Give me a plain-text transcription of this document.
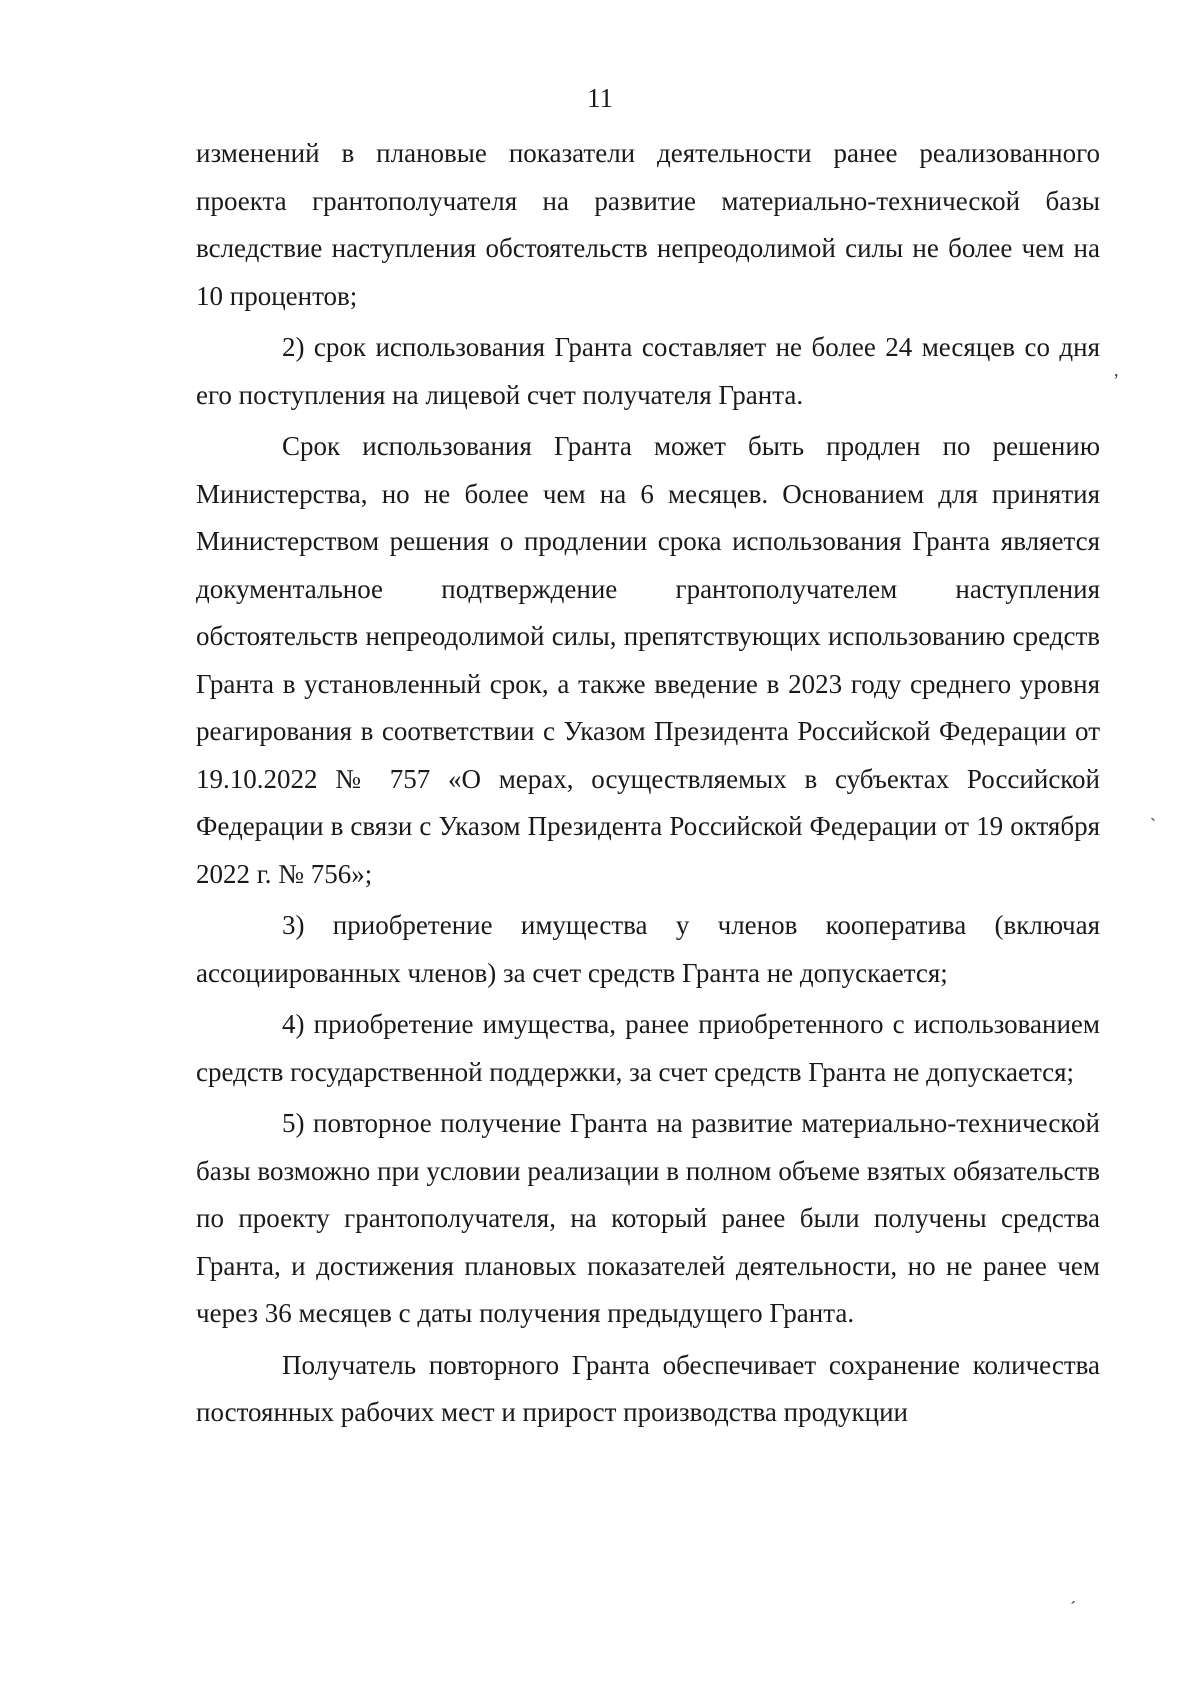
11

изменений в плановые показатели деятельности ранее реализованного проекта грантополучателя на развитие материально-технической базы вследствие наступления обстоятельств непреодолимой силы не более чем на 10 процентов;

2) срок использования Гранта составляет не более 24 месяцев со дня его поступления на лицевой счет получателя Гранта.

Срок использования Гранта может быть продлен по решению Министерства, но не более чем на 6 месяцев. Основанием для принятия Министерством решения о продлении срока использования Гранта является документальное подтверждение грантополучателем наступления обстоятельств непреодолимой силы, препятствующих использованию средств Гранта в установленный срок, а также введение в 2023 году среднего уровня реагирования в соответствии с Указом Президента Российской Федерации от 19.10.2022 № 757 «О мерах, осуществляемых в субъектах Российской Федерации в связи с Указом Президента Российской Федерации от 19 октября 2022 г. № 756»;

3) приобретение имущества у членов кооператива (включая ассоциированных членов) за счет средств Гранта не допускается;

4) приобретение имущества, ранее приобретенного с использованием средств государственной поддержки, за счет средств Гранта не допускается;

5) повторное получение Гранта на развитие материально-технической базы возможно при условии реализации в полном объеме взятых обязательств по проекту грантополучателя, на который ранее были получены средства Гранта, и достижения плановых показателей деятельности, но не ранее чем через 36 месяцев с даты получения предыдущего Гранта.

Получатель повторного Гранта обеспечивает сохранение количества постоянных рабочих мест и прирост производства продукции

,
`
´
